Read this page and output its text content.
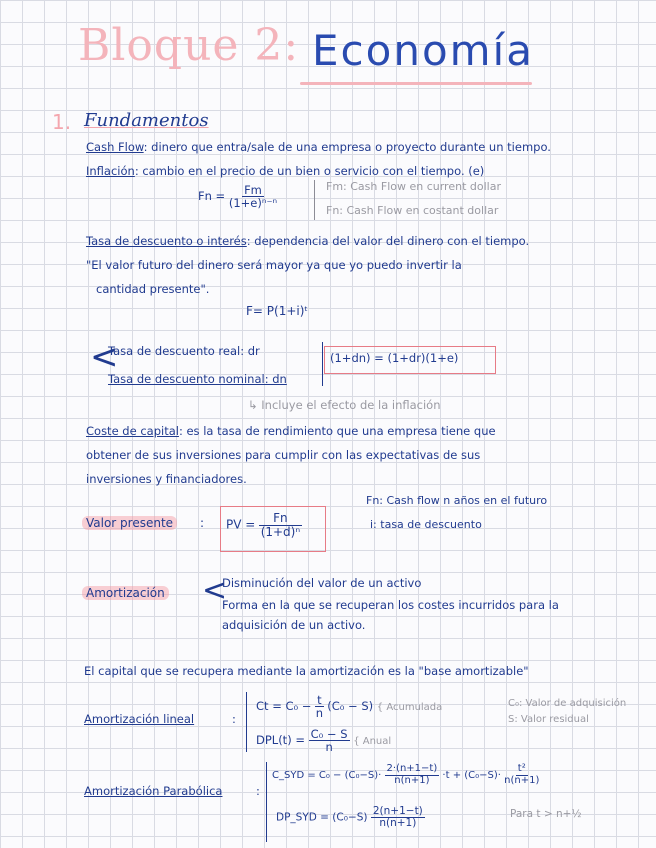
Bloque 2: Economía
1. Fundamentos
Cash Flow: dinero que entra/sale de una empresa o proyecto durante un tiempo.
Inflación: cambio en el precio de un bien o servicio con el tiempo. (e)
$Fn = \frac{Fm}{\text{(1+e)ⁿ⁻ⁿ}}$	Fm: Cash Flow en current dollar
Fn: Cash Flow en costant dollar
Tasa de descuento o interés: dependencia del valor del dinero con el tiempo.
"El valor futuro del dinero será mayor ya que yo puedo invertir la
cantidad presente".
F= P(1+i)ᵗ
<
Tasa de descuento real: dr
Tasa de descuento nominal: dn
(1+dn) = (1+dr)(1+e)
↳ Incluye el efecto de la inflación
Coste de capital: es la tasa de rendimiento que una empresa tiene que
obtener de sus inversiones para cumplir con las expectativas de sus
inversiones y financiadores.
Valor presente	: PV = $\frac{Fn}{\text{(1+d)ⁿ}}$
Fn: Cash flow n años en el futuro
i: tasa de descuento
Amortización <
Disminución del valor de un activo
Forma en la que se recuperan los costes incurridos para la
adquisición de un activo.
El capital que se recupera mediante la amortización es la "base amortizable"
Amortización lineal	:
$Ct = C_0 - \frac{t}{n} (C_0 - S)$ { Acumulada
$DPL(t) = \frac{\text{C₀ − S}}{n}$ { Anual
C₀: Valor de adquisición
S: Valor residual
Amortización Parabólica	:
C_SYD = $C_0 - (C_0-S)\cdot \frac{2\cdot(n+1-t)}{n(n+1)} \cdot t + (C_0-S)\cdot \frac{\text{t²}}{n(n+1)}$
DP_SYD = $(C_0-S) \frac{2(n+1-t)}{n(n+1)}$	Para t > n+½
